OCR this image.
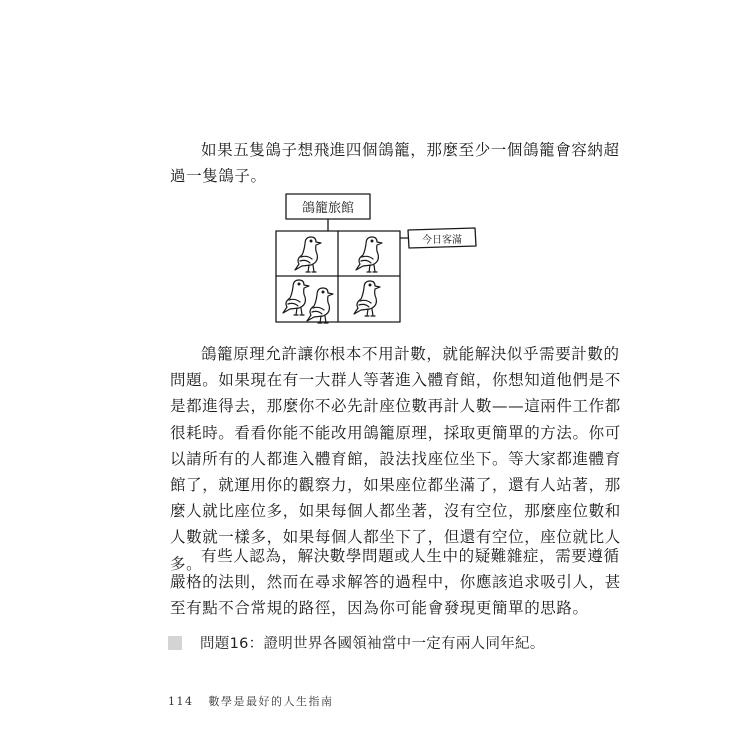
如果五隻鴿子想飛進四個鴿籠，那麼至少一個鴿籠會容納超
過一隻鴿子。
鴿籠旅館
今日客滿
鴿籠原理允許讓你根本不用計數，就能解決似乎需要計數的
問題。如果現在有一大群人等著進入體育館，你想知道他們是不
是都進得去，那麼你不必先計座位數再計人數——這兩件工作都
很耗時。看看你能不能改用鴿籠原理，採取更簡單的方法。你可
以請所有的人都進入體育館，設法找座位坐下。等大家都進體育
館了，就運用你的觀察力，如果座位都坐滿了，還有人站著，那
麼人就比座位多，如果每個人都坐著，沒有空位，那麼座位數和
人數就一樣多，如果每個人都坐下了，但還有空位，座位就比人
多。
有些人認為，解決數學問題或人生中的疑難雜症，需要遵循
嚴格的法則，然而在尋求解答的過程中，你應該追求吸引人，甚
至有點不合常規的路徑，因為你可能會發現更簡單的思路。
問題16：證明世界各國領袖當中一定有兩人同年紀。
114 數學是最好的人生指南
